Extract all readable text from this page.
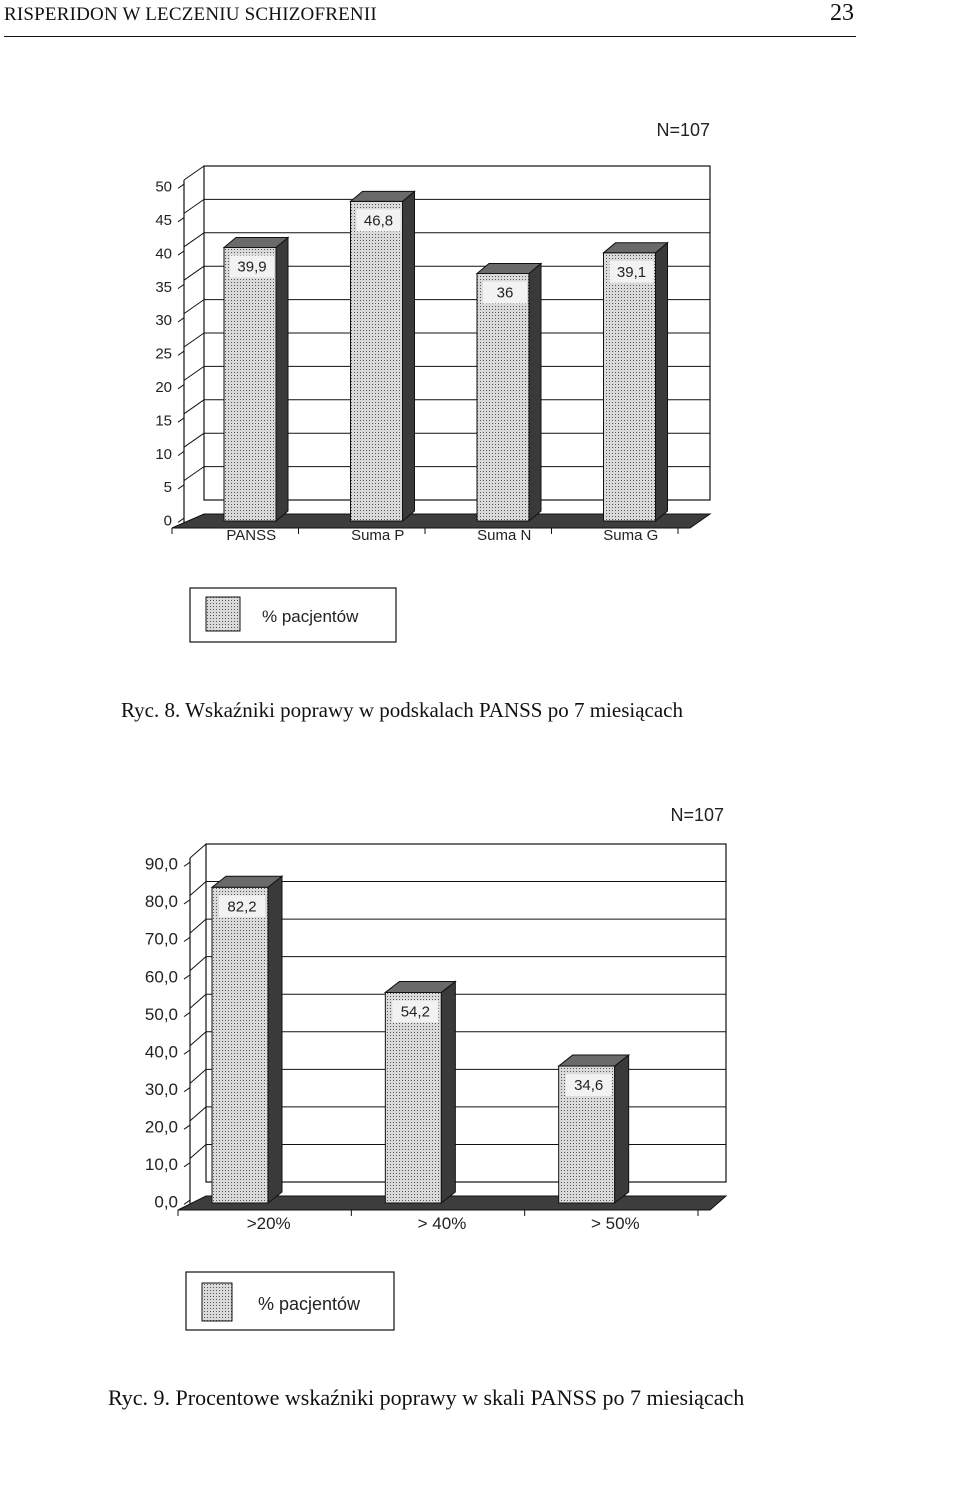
RISPERIDON W LECZENIU SCHIZOFRENII	23
N=107
0
5
10
15
20
25
30
35
40
45
50
39,9
46,8
36
39,1
PANSS	Suma P	Suma N	Suma G
% pacjentów
Ryc. 8. Wskaźniki poprawy w podskalach PANSS po 7 miesiącach
N=107
0,0
10,0
20,0
30,0
40,0
50,0
60,0
70,0
80,0
90,0
82,2
54,2
34,6
>20%	> 40%	> 50%
% pacjentów
Ryc. 9. Procentowe wskaźniki poprawy w skali PANSS po 7 miesiącach
